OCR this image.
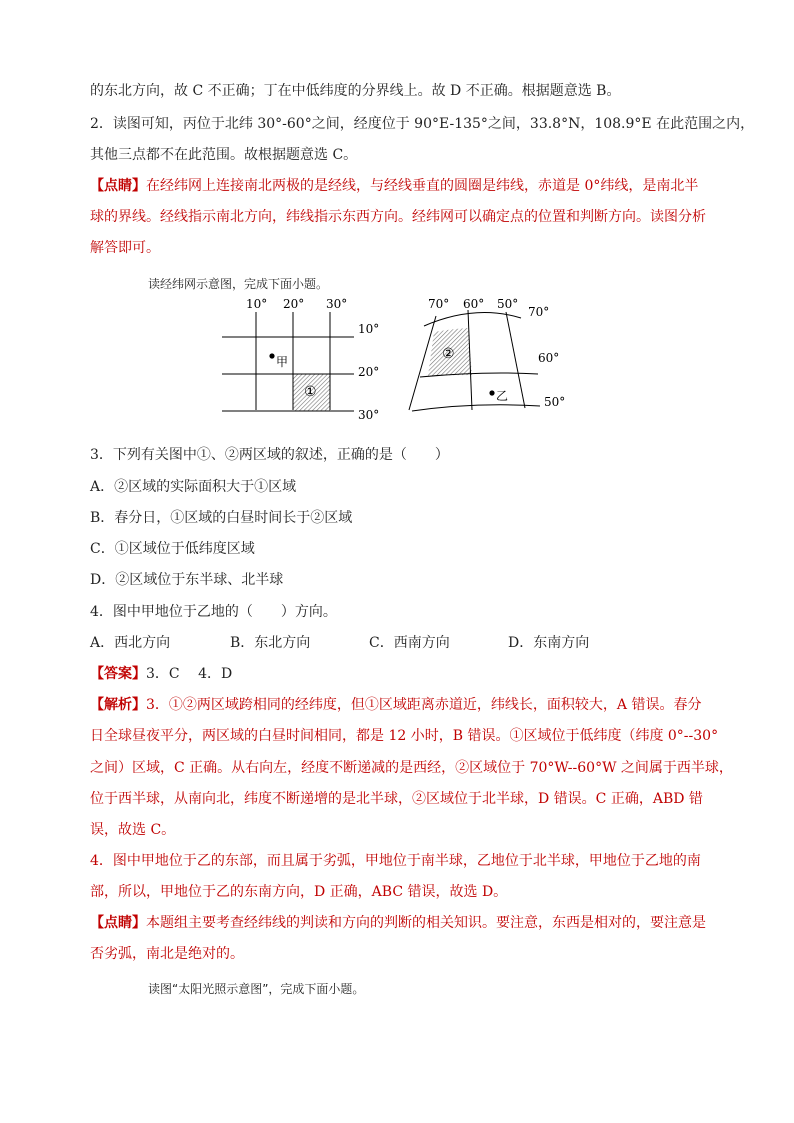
的东北方向，故 C 不正确；丁在中低纬度的分界线上。故 D 不正确。根据题意选 B。
2．读图可知，丙位于北纬 30°-60°之间，经度位于 90°E-135°之间，33.8°N，108.9°E 在此范围之内，
其他三点都不在此范围。故根据题意选 C。
【点睛】在经纬网上连接南北两极的是经线，与经线垂直的圆圈是纬线，赤道是 0°纬线，是南北半
球的界线。经线指示南北方向，纬线指示东西方向。经纬网可以确定点的位置和判断方向。读图分析
解答即可。
读经纬网示意图，完成下面小题。
10° 20° 30°
10°
20°
30°
甲
①
70° 60° 50°
70°
60°
50°
乙
②
3．下列有关图中①、②两区域的叙述，正确的是（　　）
A．②区域的实际面积大于①区域
B．春分日，①区域的白昼时间长于②区域
C．①区域位于低纬度区域
D．②区域位于东半球、北半球
4．图中甲地位于乙地的（　　）方向。
A．西北方向	B．东北方向	C．西南方向	D．东南方向
【答案】3．C　 4．D
【解析】3．①②两区域跨相同的经纬度，但①区域距离赤道近，纬线长，面积较大，A 错误。春分
日全球昼夜平分，两区域的白昼时间相同，都是 12 小时，B 错误。①区域位于低纬度（纬度 0°--30°
之间）区域，C 正确。从右向左，经度不断递减的是西经，②区域位于 70°W--60°W 之间属于西半球，
位于西半球，从南向北，纬度不断递增的是北半球，②区域位于北半球，D 错误。C 正确，ABD 错
误，故选 C。
4．图中甲地位于乙的东部，而且属于劣弧，甲地位于南半球，乙地位于北半球，甲地位于乙地的南
部，所以，甲地位于乙的东南方向，D 正确，ABC 错误，故选 D。
【点睛】本题组主要考查经纬线的判读和方向的判断的相关知识。要注意，东西是相对的，要注意是
否劣弧，南北是绝对的。
读图“太阳光照示意图”，完成下面小题。
